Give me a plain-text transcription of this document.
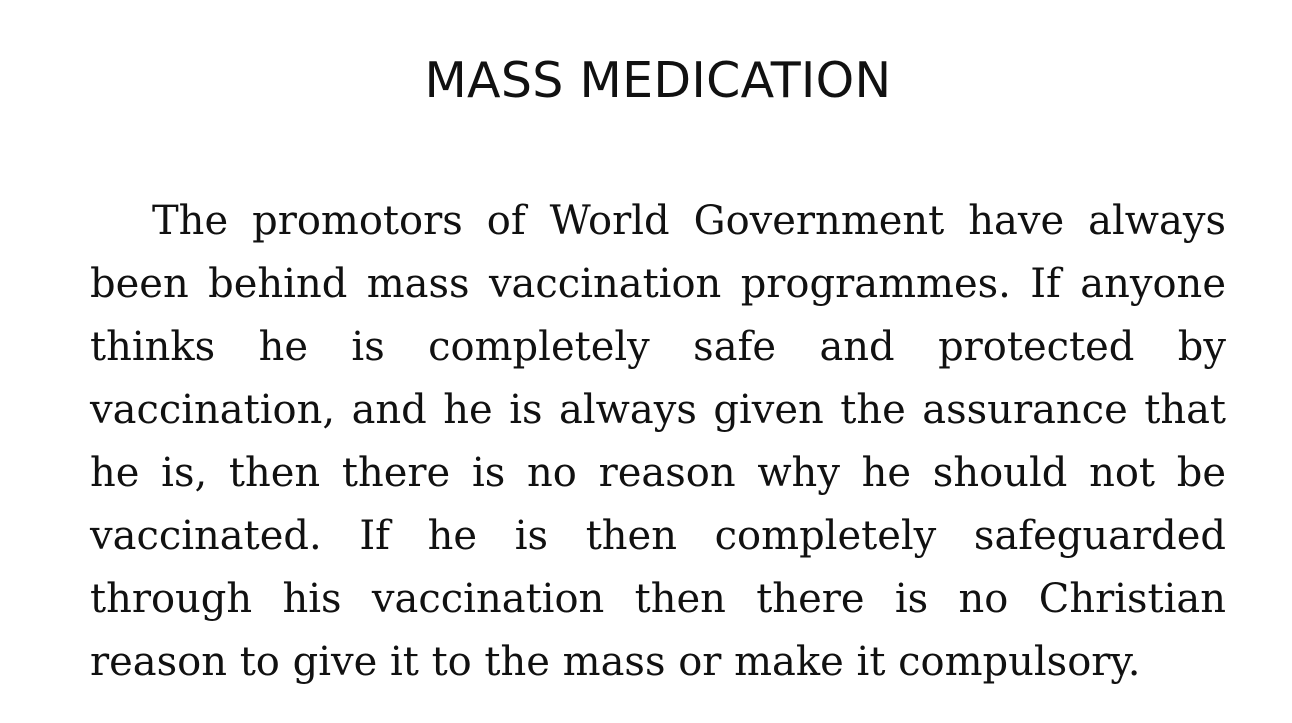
MASS MEDICATION

The promotors of World Government have always been behind mass vaccination programmes. If anyone thinks he is completely safe and protected by vaccination, and he is always given the assurance that he is, then there is no reason why he should not be vaccinated. If he is then completely safeguarded through his vaccination then there is no Christian reason to give it to the mass or make it compulsory.
